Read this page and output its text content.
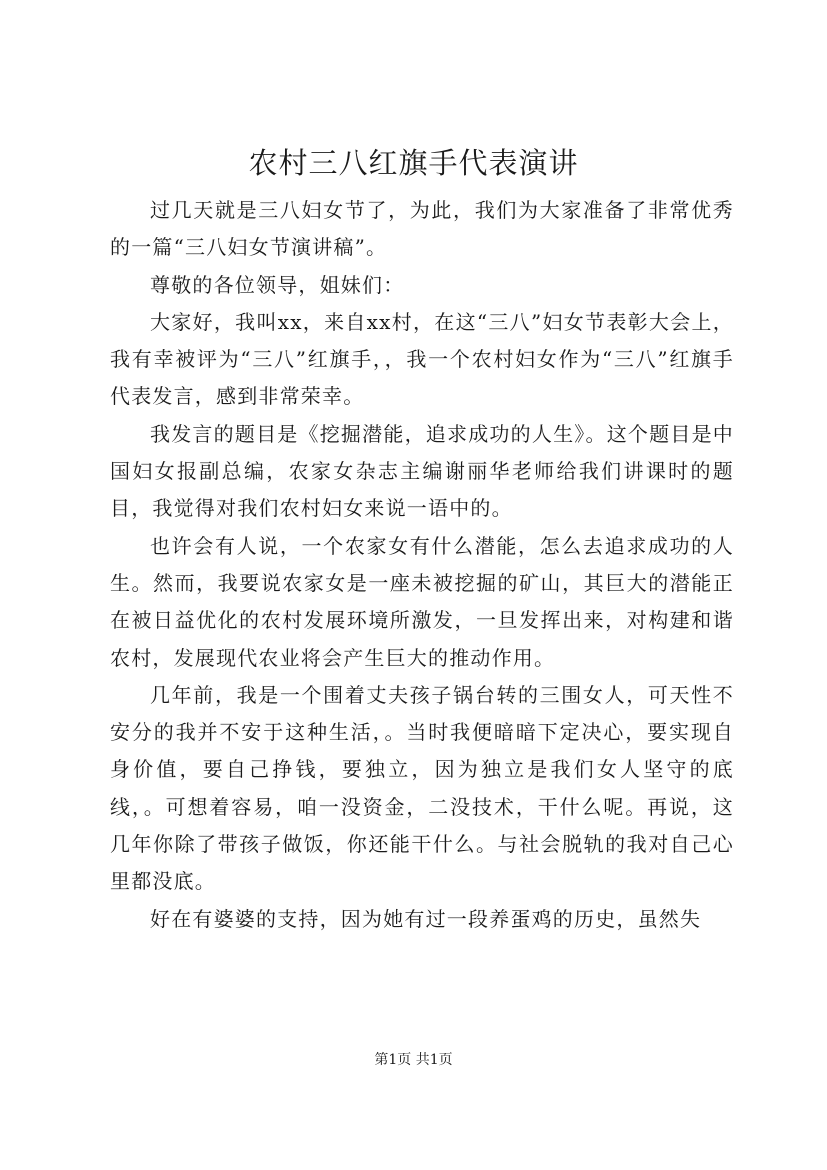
农村三八红旗手代表演讲

过几天就是三八妇女节了，为此，我们为大家准备了非常优秀的一篇“三八妇女节演讲稿”。

尊敬的各位领导，姐妹们：

大家好，我叫xx，来自xx村，在这“三八”妇女节表彰大会上，我有幸被评为“三八”红旗手，，我一个农村妇女作为“三八”红旗手代表发言，感到非常荣幸。

我发言的题目是《挖掘潜能，追求成功的人生》。这个题目是中国妇女报副总编，农家女杂志主编谢丽华老师给我们讲课时的题目，我觉得对我们农村妇女来说一语中的。

也许会有人说，一个农家女有什么潜能，怎么去追求成功的人生。然而，我要说农家女是一座未被挖掘的矿山，其巨大的潜能正在被日益优化的农村发展环境所激发，一旦发挥出来，对构建和谐农村，发展现代农业将会产生巨大的推动作用。

几年前，我是一个围着丈夫孩子锅台转的三围女人，可天性不安分的我并不安于这种生活，。当时我便暗暗下定决心，要实现自身价值，要自己挣钱，要独立，因为独立是我们女人坚守的底线，。可想着容易，咱一没资金，二没技术，干什么呢。再说，这几年你除了带孩子做饭，你还能干什么。与社会脱轨的我对自己心里都没底。

好在有婆婆的支持，因为她有过一段养蛋鸡的历史，虽然失

第1页 共1页
